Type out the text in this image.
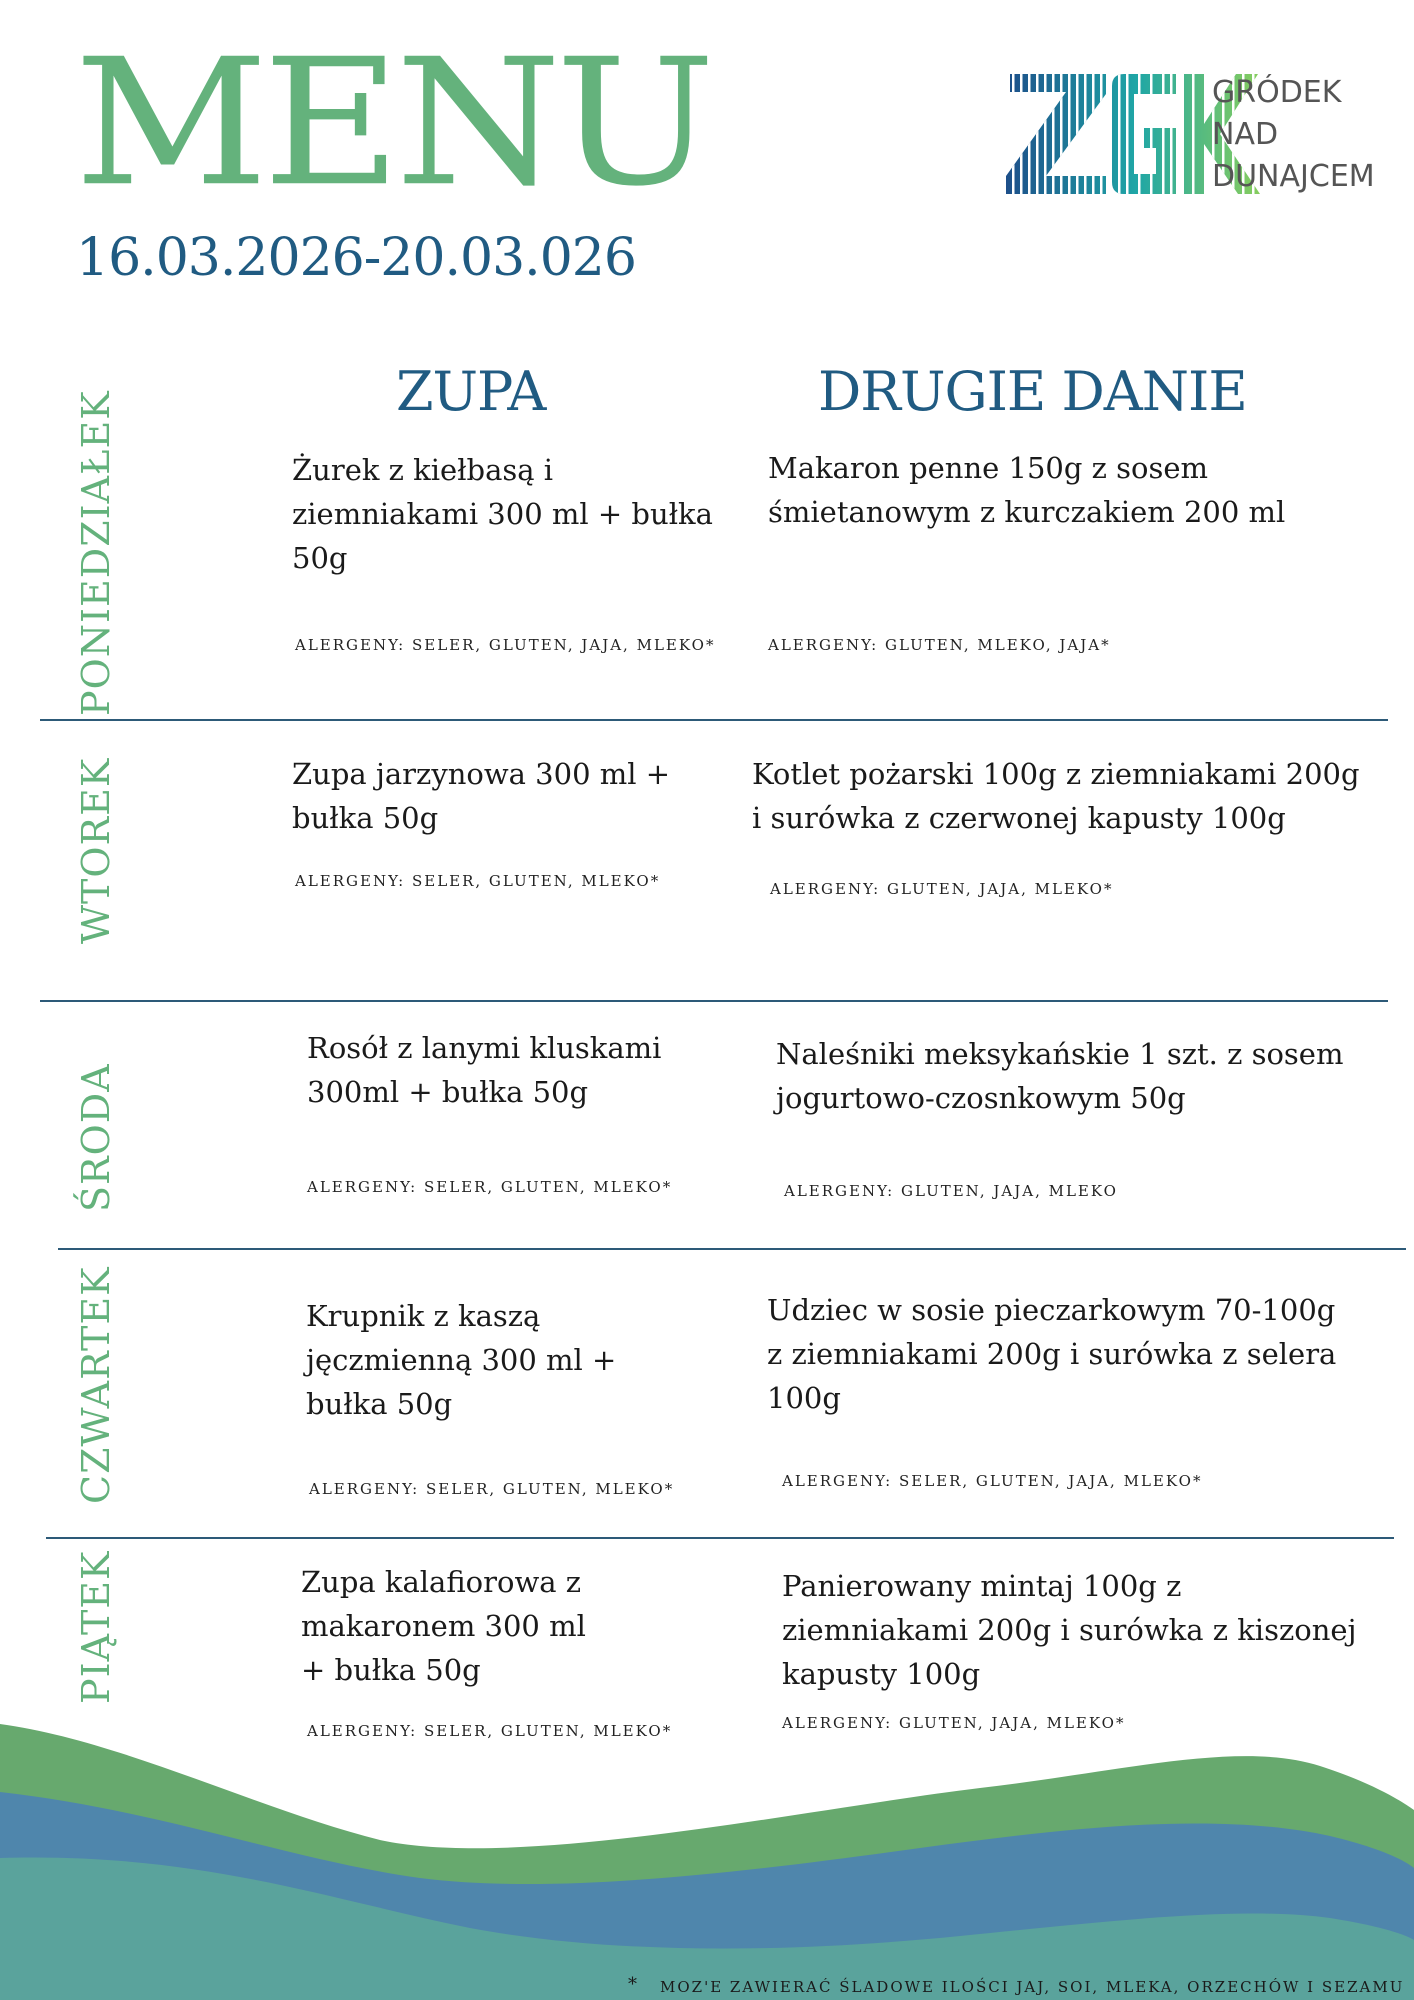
MENU
16.03.2026-20.03.026
ZGK
GRÓDEK
NAD
DUNAJCEM
ZUPA	DRUGIE DANIE
PONIEDZIAŁEK
WTOREK
ŚRODA
CZWARTEK
PIĄTEK
Żurek z kiełbasą i
ziemniakami 300 ml + bułka
50g
ALERGENY: SELER, GLUTEN, JAJA, MLEKO*
Makaron penne 150g z sosem
śmietanowym z kurczakiem 200 ml
ALERGENY: GLUTEN, MLEKO, JAJA*
Zupa jarzynowa 300 ml +
bułka 50g
ALERGENY: SELER, GLUTEN, MLEKO*
Kotlet pożarski 100g z ziemniakami 200g
i surówka z czerwonej kapusty 100g
ALERGENY: GLUTEN, JAJA, MLEKO*
Rosół z lanymi kluskami
300ml + bułka 50g
ALERGENY: SELER, GLUTEN, MLEKO*
Naleśniki meksykańskie 1 szt. z sosem
jogurtowo-czosnkowym 50g
ALERGENY: GLUTEN, JAJA, MLEKO
Krupnik z kaszą
jęczmienną 300 ml +
bułka 50g
ALERGENY: SELER, GLUTEN, MLEKO*
Udziec w sosie pieczarkowym 70-100g
z ziemniakami 200g i surówka z selera
100g
ALERGENY: SELER, GLUTEN, JAJA, MLEKO*
Zupa kalafiorowa z
makaronem 300 ml
+ bułka 50g
ALERGENY: SELER, GLUTEN, MLEKO*
Panierowany mintaj 100g z
ziemniakami 200g i surówka z kiszonej
kapusty 100g
ALERGENY: GLUTEN, JAJA, MLEKO*
* MOZ'E ZAWIERAĆ ŚLADOWE ILOŚCI JAJ, SOI, MLEKA, ORZECHÓW I SEZAMU
